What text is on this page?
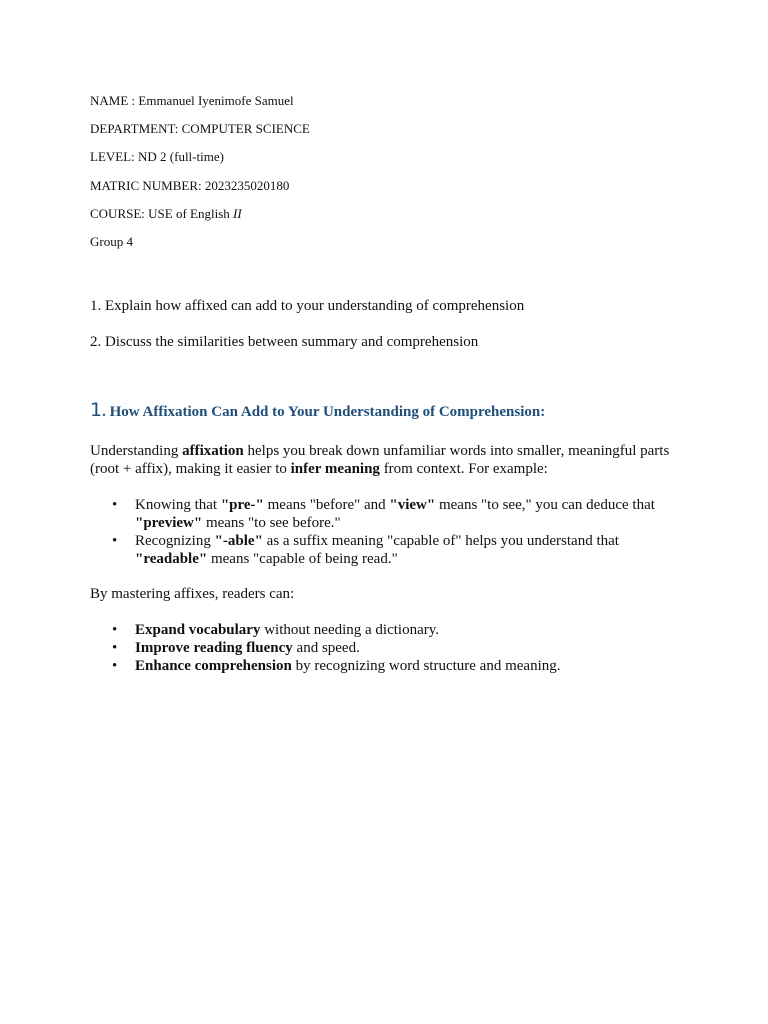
NAME : Emmanuel Iyenimofe Samuel
DEPARTMENT: COMPUTER SCIENCE
LEVEL: ND 2 (full-time)
MATRIC NUMBER: 2023235020180
COURSE: USE of English II
Group 4
1. Explain how affixed can add to your understanding of comprehension
2. Discuss the similarities between summary and comprehension
1. How Affixation Can Add to Your Understanding of Comprehension:
Understanding affixation helps you break down unfamiliar words into smaller, meaningful parts (root + affix), making it easier to infer meaning from context. For example:
• Knowing that "pre-" means "before" and "view" means "to see," you can deduce that "preview" means "to see before."
• Recognizing "-able" as a suffix meaning "capable of" helps you understand that "readable" means "capable of being read."
By mastering affixes, readers can:
• Expand vocabulary without needing a dictionary.
• Improve reading fluency and speed.
• Enhance comprehension by recognizing word structure and meaning.
